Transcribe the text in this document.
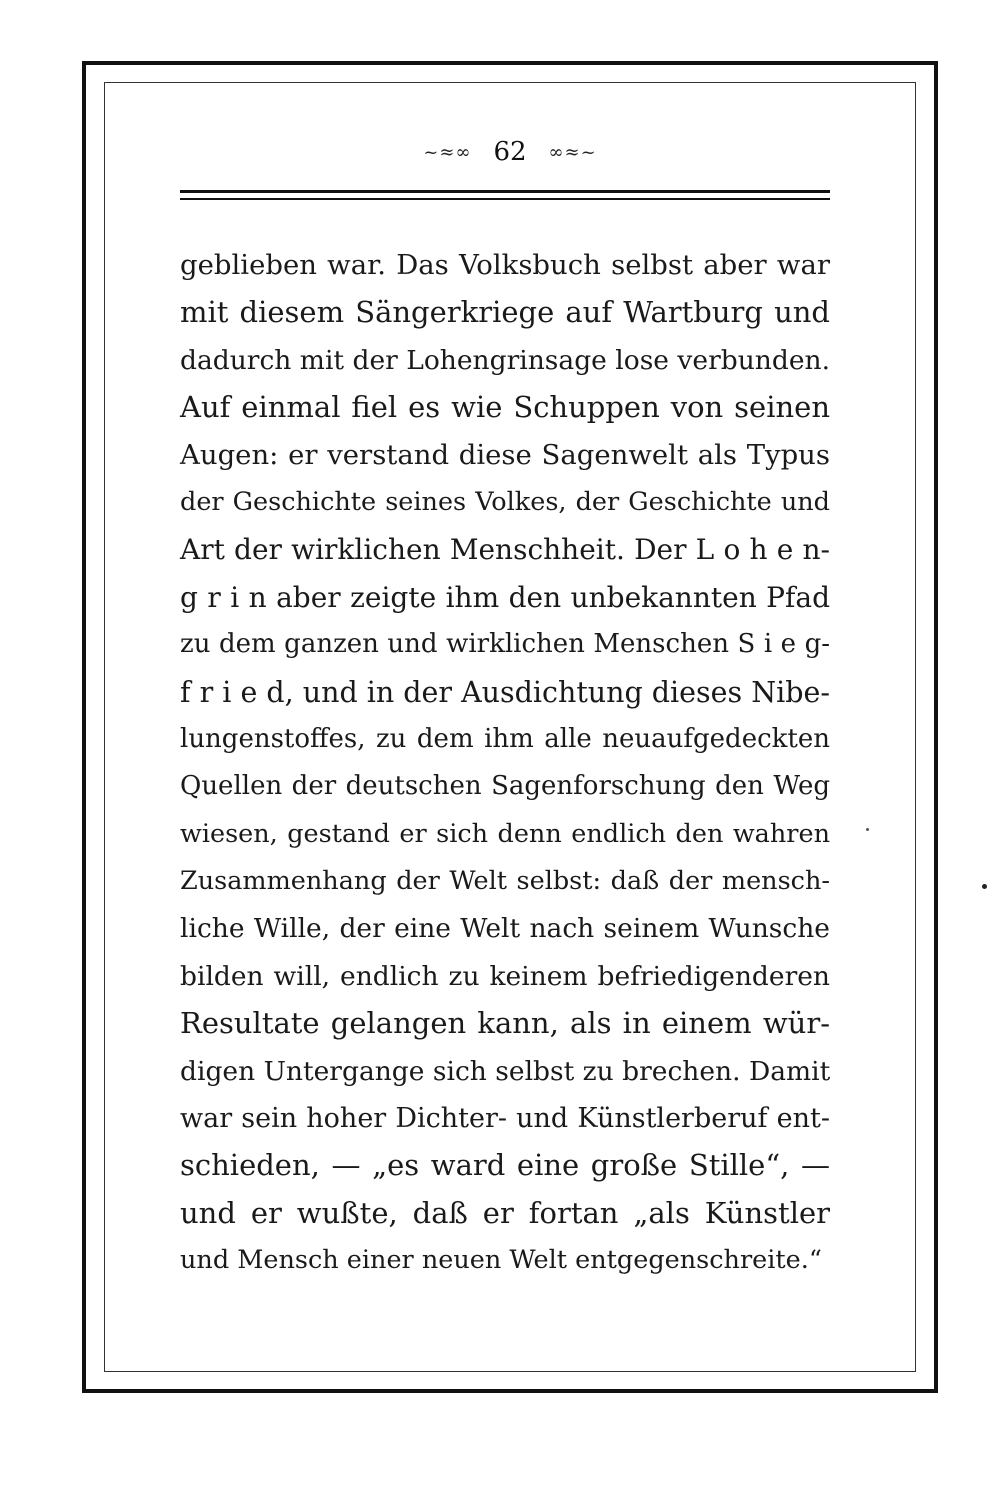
~≈∞ 62 ∞≈~
geblieben war. Das Volksbuch selbst aber war
mit diesem Sängerkriege auf Wartburg und
dadurch mit der Lohengrinsage lose verbunden.
Auf einmal fiel es wie Schuppen von seinen
Augen: er verstand diese Sagenwelt als Typus
der Geschichte seines Volkes, der Geschichte und
Art der wirklichen Menschheit. Der L o h e n-
g r i n aber zeigte ihm den unbekannten Pfad
zu dem ganzen und wirklichen Menschen S i e g-
f r i e d, und in der Ausdichtung dieses Nibe-
lungenstoffes, zu dem ihm alle neuaufgedeckten
Quellen der deutschen Sagenforschung den Weg
wiesen, gestand er sich denn endlich den wahren
Zusammenhang der Welt selbst: daß der mensch-
liche Wille, der eine Welt nach seinem Wunsche
bilden will, endlich zu keinem befriedigenderen
Resultate gelangen kann, als in einem wür-
digen Untergange sich selbst zu brechen. Damit
war sein hoher Dichter- und Künstlerberuf ent-
schieden, — „es ward eine große Stille“, —
und er wußte, daß er fortan „als Künstler
und Mensch einer neuen Welt entgegenschreite.“
